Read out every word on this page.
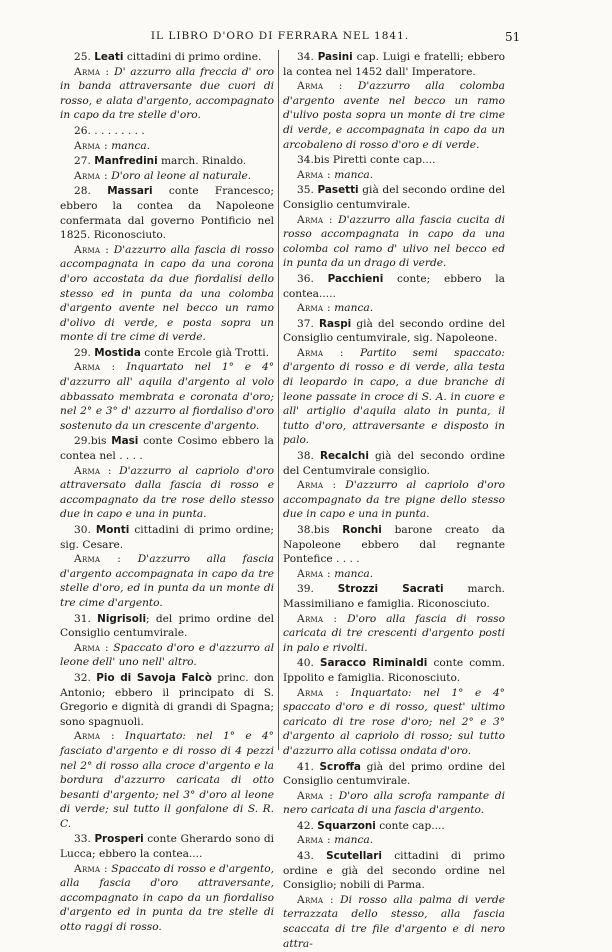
IL LIBRO D'ORO DI FERRARA NEL 1841.	51
25. Leati cittadini di primo ordine.
Arma : D' azzurro alla freccia d' oro in banda attraversante due cuori di rosso, e alata d'argento, accompagnato in capo da tre stelle d'oro.
26. . . . . . . . .
Arma : manca.
27. Manfredini march. Rinaldo.
Arma : D'oro al leone al naturale.
28. Massari conte Francesco; ebbero la contea da Napoleone confermata dal governo Pontificio nel 1825. Riconosciuto.
Arma : D'azzurro alla fascia di rosso accompagnata in capo da una corona d'oro accostata da due fiordalisi dello stesso ed in punta da una colomba d'argento avente nel becco un ramo d'olivo di verde, e posta sopra un monte di tre cime di verde.
29. Mostida conte Ercole già Trotti.
Arma : Inquartato nel 1° e 4° d'azzurro all' aquila d'argento al volo abbassato membrata e coronata d'oro; nel 2° e 3° d' azzurro al fiordaliso d'oro sostenuto da un crescente d'argento.
29.bis Masi conte Cosimo ebbero la contea nel . . . .
Arma : D'azzurro al capriolo d'oro attraversato dalla fascia di rosso e accompagnato da tre rose dello stesso due in capo e una in punta.
30. Monti cittadini di primo ordine; sig. Cesare.
Arma : D'azzurro alla fascia d'argento accompagnata in capo da tre stelle d'oro, ed in punta da un monte di tre cime d'argento.
31. Nigrisoli; del primo ordine del Consiglio centumvirale.
Arma : Spaccato d'oro e d'azzurro al leone dell' uno nell' altro.
32. Pio di Savoja Falcò princ. don Antonio; ebbero il principato di S. Gregorio e dignità di grandi di Spagna; sono spagnuoli.
Arma : Inquartato: nel 1° e 4° fasciato d'argento e di rosso di 4 pezzi nel 2° di rosso alla croce d'argento e la bordura d'azzurro caricata di otto besanti d'argento; nel 3° d'oro al leone di verde; sul tutto il gonfalone di S. R. C.
33. Prosperi conte Gherardo sono di Lucca; ebbero la contea....
Arma : Spaccato di rosso e d'argento, alla fascia d'oro attraversante, accompagnato in capo da un fiordaliso d'argento ed in punta da tre stelle di otto raggi di rosso.
34. Pasini cap. Luigi e fratelli; ebbero la contea nel 1452 dall' Imperatore.
Arma : D'azzurro alla colomba d'argento avente nel becco un ramo d'ulivo posta sopra un monte di tre cime di verde, e accompagnata in capo da un arcobaleno di rosso d'oro e di verde.
34.bis Piretti conte cap....
Arma : manca.
35. Pasetti già del secondo ordine del Consiglio centumvirale.
Arma : D'azzurro alla fascia cucita di rosso accompagnata in capo da una colomba col ramo d' ulivo nel becco ed in punta da un drago di verde.
36. Pacchieni conte; ebbero la contea.....
Arma : manca.
37. Raspi già del secondo ordine del Consiglio centumvirale, sig. Napoleone.
Arma : Partito semi spaccato: d'argento di rosso e di verde, alla testa di leopardo in capo, a due branche di leone passate in croce di S. A. in cuore e all' artiglio d'aquila alato in punta, il tutto d'oro, attraversante e disposto in palo.
38. Recalchi già del secondo ordine del Centumvirale consiglio.
Arma : D'azzurro al capriolo d'oro accompagnato da tre pigne dello stesso due in capo e una in punta.
38.bis Ronchi barone creato da Napoleone ebbero dal regnante Pontefice . . . .
Arma : manca.
39. Strozzi Sacrati march. Massimiliano e famiglia. Riconosciuto.
Arma : D'oro alla fascia di rosso caricata di tre crescenti d'argento posti in palo e rivolti.
40. Saracco Riminaldi conte comm. Ippolito e famiglia. Riconosciuto.
Arma : Inquartato: nel 1° e 4° spaccato d'oro e di rosso, quest' ultimo caricato di tre rose d'oro; nel 2° e 3° d'argento al capriolo di rosso; sul tutto d'azzurro alla cotissa ondata d'oro.
41. Scroffa già del primo ordine del Consiglio centumvirale.
Arma : D'oro alla scrofa rampante di nero caricata di una fascia d'argento.
42. Squarzoni conte cap....
Arma : manca.
43. Scutellari cittadini di primo ordine e già del secondo ordine nel Consiglio; nobili di Parma.
Arma : Di rosso alla palma di verde terrazzata dello stesso, alla fascia scaccata di tre file d'argento e di nero attra-
